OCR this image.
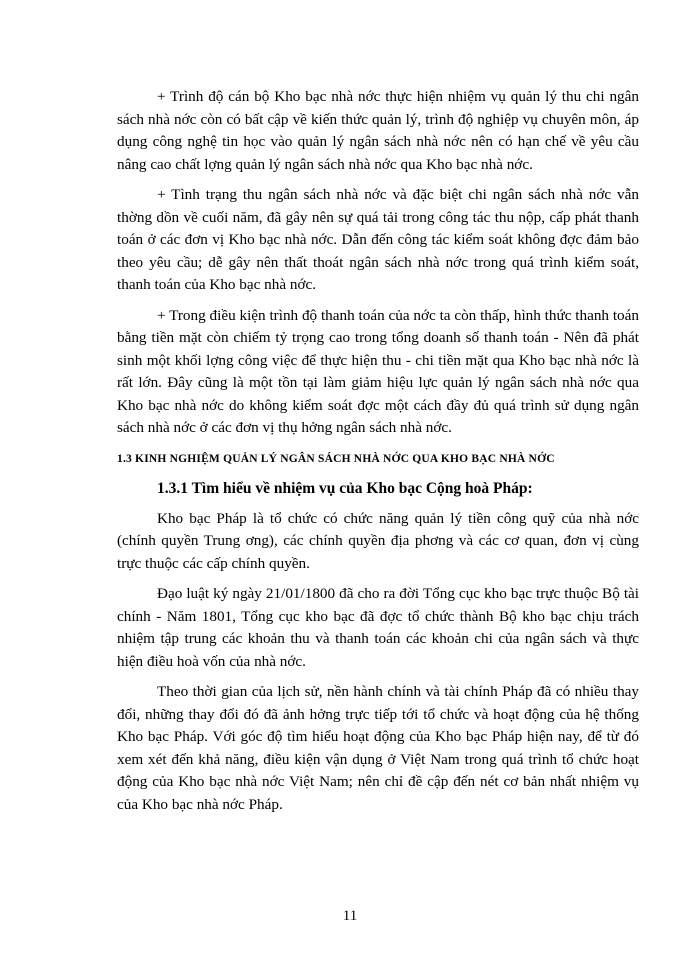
+ Trình độ cán bộ Kho bạc nhà nớc thực hiện nhiệm vụ quản lý thu chi ngân sách nhà nớc còn có bất cập về kiến thức quản lý, trình độ nghiệp vụ chuyên môn, áp dụng công nghệ tin học vào quản lý ngân sách nhà nớc nên có hạn chế về yêu cầu nâng cao chất lợng quản lý ngân sách nhà nớc qua Kho bạc nhà nớc.

+ Tình trạng thu ngân sách nhà nớc và đặc biệt chi ngân sách nhà nớc vẫn thờng dồn về cuối năm, đã gây nên sự quá tải trong công tác thu nộp, cấp phát thanh toán ở các đơn vị Kho bạc nhà nớc. Dẫn đến công tác kiểm soát không đợc đảm bảo theo yêu cầu; dễ gây nên thất thoát ngân sách nhà nớc trong quá trình kiểm soát, thanh toán của Kho bạc nhà nớc.

+ Trong điều kiện trình độ thanh toán của nớc ta còn thấp, hình thức thanh toán bằng tiền mặt còn chiếm tỷ trọng cao trong tổng doanh số thanh toán - Nên đã phát sinh một khối lợng công việc để thực hiện thu - chi tiền mặt qua Kho bạc nhà nớc là rất lớn. Đây cũng là một tồn tại làm giảm hiệu lực quản lý ngân sách nhà nớc qua Kho bạc nhà nớc do không kiểm soát đợc một cách đầy đủ quá trình sử dụng ngân sách nhà nớc ở các đơn vị thụ hởng ngân sách nhà nớc.

1.3 KINH NGHIỆM QUẢN LÝ NGÂN SÁCH NHÀ NỚC QUA KHO BẠC NHÀ NỚC
1.3.1 Tìm hiểu về nhiệm vụ của Kho bạc Cộng hoà Pháp:

Kho bạc Pháp là tổ chức có chức năng quản lý tiền công quỹ của nhà nớc (chính quyền Trung ơng), các chính quyền địa phơng và các cơ quan, đơn vị cùng trực thuộc các cấp chính quyền.

Đạo luật ký ngày 21/01/1800 đã cho ra đời Tổng cục kho bạc trực thuộc Bộ tài chính - Năm 1801, Tổng cục kho bạc đã đợc tổ chức thành Bộ kho bạc chịu trách nhiệm tập trung các khoản thu và thanh toán các khoản chi của ngân sách và thực hiện điều hoà vốn của nhà nớc.

Theo thời gian của lịch sử, nền hành chính và tài chính Pháp đã có nhiều thay đổi, những thay đổi đó đã ảnh hởng trực tiếp tới tổ chức và hoạt động của hệ thống Kho bạc Pháp. Với góc độ tìm hiểu hoạt động của Kho bạc Pháp hiện nay, để từ đó xem xét đến khả năng, điều kiện vận dụng ở Việt Nam trong quá trình tổ chức hoạt động của Kho bạc nhà nớc Việt Nam; nên chỉ đề cập đến nét cơ bản nhất nhiệm vụ của Kho bạc nhà nớc Pháp.

11
